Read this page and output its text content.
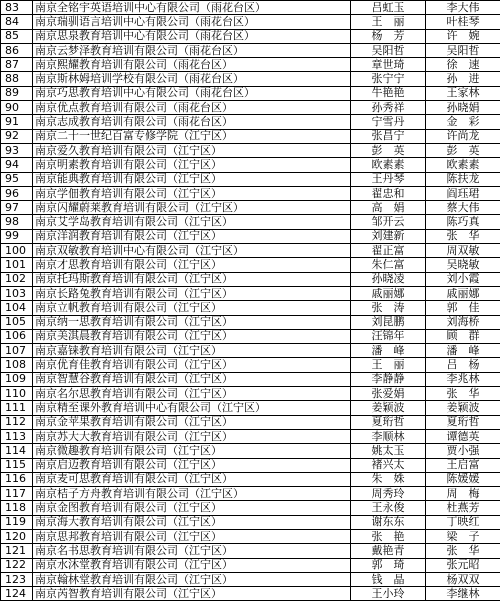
83	南京全铭宇英语培训中心有限公司（雨花台区）	吕虹玉	李大伟
84	南京瑞驯语言培训中心有限公司（雨花台区）	王　丽	叶桂琴
85	南京思泉教育培训中心有限公司（雨花台区）	杨　芳	许　婉
86	南京云梦泽教育培训有限公司（雨花台区）	吴阳哲	吴阳哲
87	南京熙耀教育培训有限公司（雨花台区）	章世琦	徐　速
88	南京斯林姆培训学校有限公司（雨花台区）	张宁宁	孙　进
89	南京巧思教育培训中心有限公司（雨花台区）	牛艳艳	王家林
90	南京优点教育培训有限公司（雨花台区）	孙秀祥	孙晓娟
91	南京志成教育培训有限公司（雨花台区）	宁雪丹	金　彩
92	南京二十一世纪百富专修学院（江宁区）	张昌宁	许尚龙
93	南京爱久教育培训有限公司（江宁区）	彭　英	彭　英
94	南京明素教育培训有限公司（江宁区）	欧素素	欧素素
95	南京能典教育培训有限公司（江宁区）	王丹琴	陈扶龙
96	南京学佃教育培训有限公司（江宁区）	翟忠和	阎珏珺
97	南京闪耀蔚莱教育培训有限公司（江宁区）	高　娟	蔡大伟
98	南京艾学岛教育培训有限公司（江宁区）	邹开云	陈巧真
99	南京洋润教育培训有限公司（江宁区）	刘建新	张　华
100	南京双敏教育培训中心有限公司（江宁区）	翟正富	周双敏
101	南京才思教育培训有限公司（江宁区）	朱仁富	吴晓敏
102	南京托玛斯教育培训有限公司（江宁区）	孙晓凌	刘小霞
103	南京长路兔教育培训有限公司（江宁区）	戚丽娜	戚丽娜
104	南京立帆教育培训有限公司（江宁区）	张　涛	郭　佳
105	南京纳一思教育培训有限公司（江宁区）	刘昆鹏	刘海桥
106	南京美淇晨教育培训有限公司（江宁区）	汪锦年	顾　群
107	南京嘉铼教育培训有限公司（江宁区）	潘　峰	潘　峰
108	南京优育佳教育培训有限公司（江宁区）	王　丽	吕　杨
109	南京智慧谷教育培训有限公司（江宁区）	李静静	李兆林
110	南京名尔思教育培训有限公司（江宁区）	张爱娟	张　华
111	南京精至课外教育培训中心有限公司（江宁区）	姜颖波	姜颖波
112	南京金苹果教育培训有限公司（江宁区）	夏珩哲	夏珩哲
113	南京苏大大教育培训有限公司（江宁区）	李顺林	谭德英
114	南京微趣教育培训有限公司（江宁区）	姚太玉	贾小强
115	南京启迈教育培训有限公司（江宁区）	褚兴太	王启富
116	南京麦可思教育培训有限公司（江宁区）	朱　姝	陈媛媛
117	南京桔子方舟教育培训有限公司（江宁区）	周秀玲	周　梅
118	南京金图教育培训有限公司（江宁区）	王永俊	杜燕芳
119	南京海大教育培训有限公司（江宁区）	谢东东	丁映红
120	南京思邦教育培训有限公司（江宁区）	张　艳	梁　子
121	南京名书思教育培训有限公司（江宁区）	戴艳青	张　华
122	南京水沐堂教育培训有限公司（江宁区）	郭　琦	张元昭
123	南京翰林堂教育培训有限公司（江宁区）	钱　晶	杨双双
124	南京芮智教育培训有限公司（江宁区）	王小玲	李继林
